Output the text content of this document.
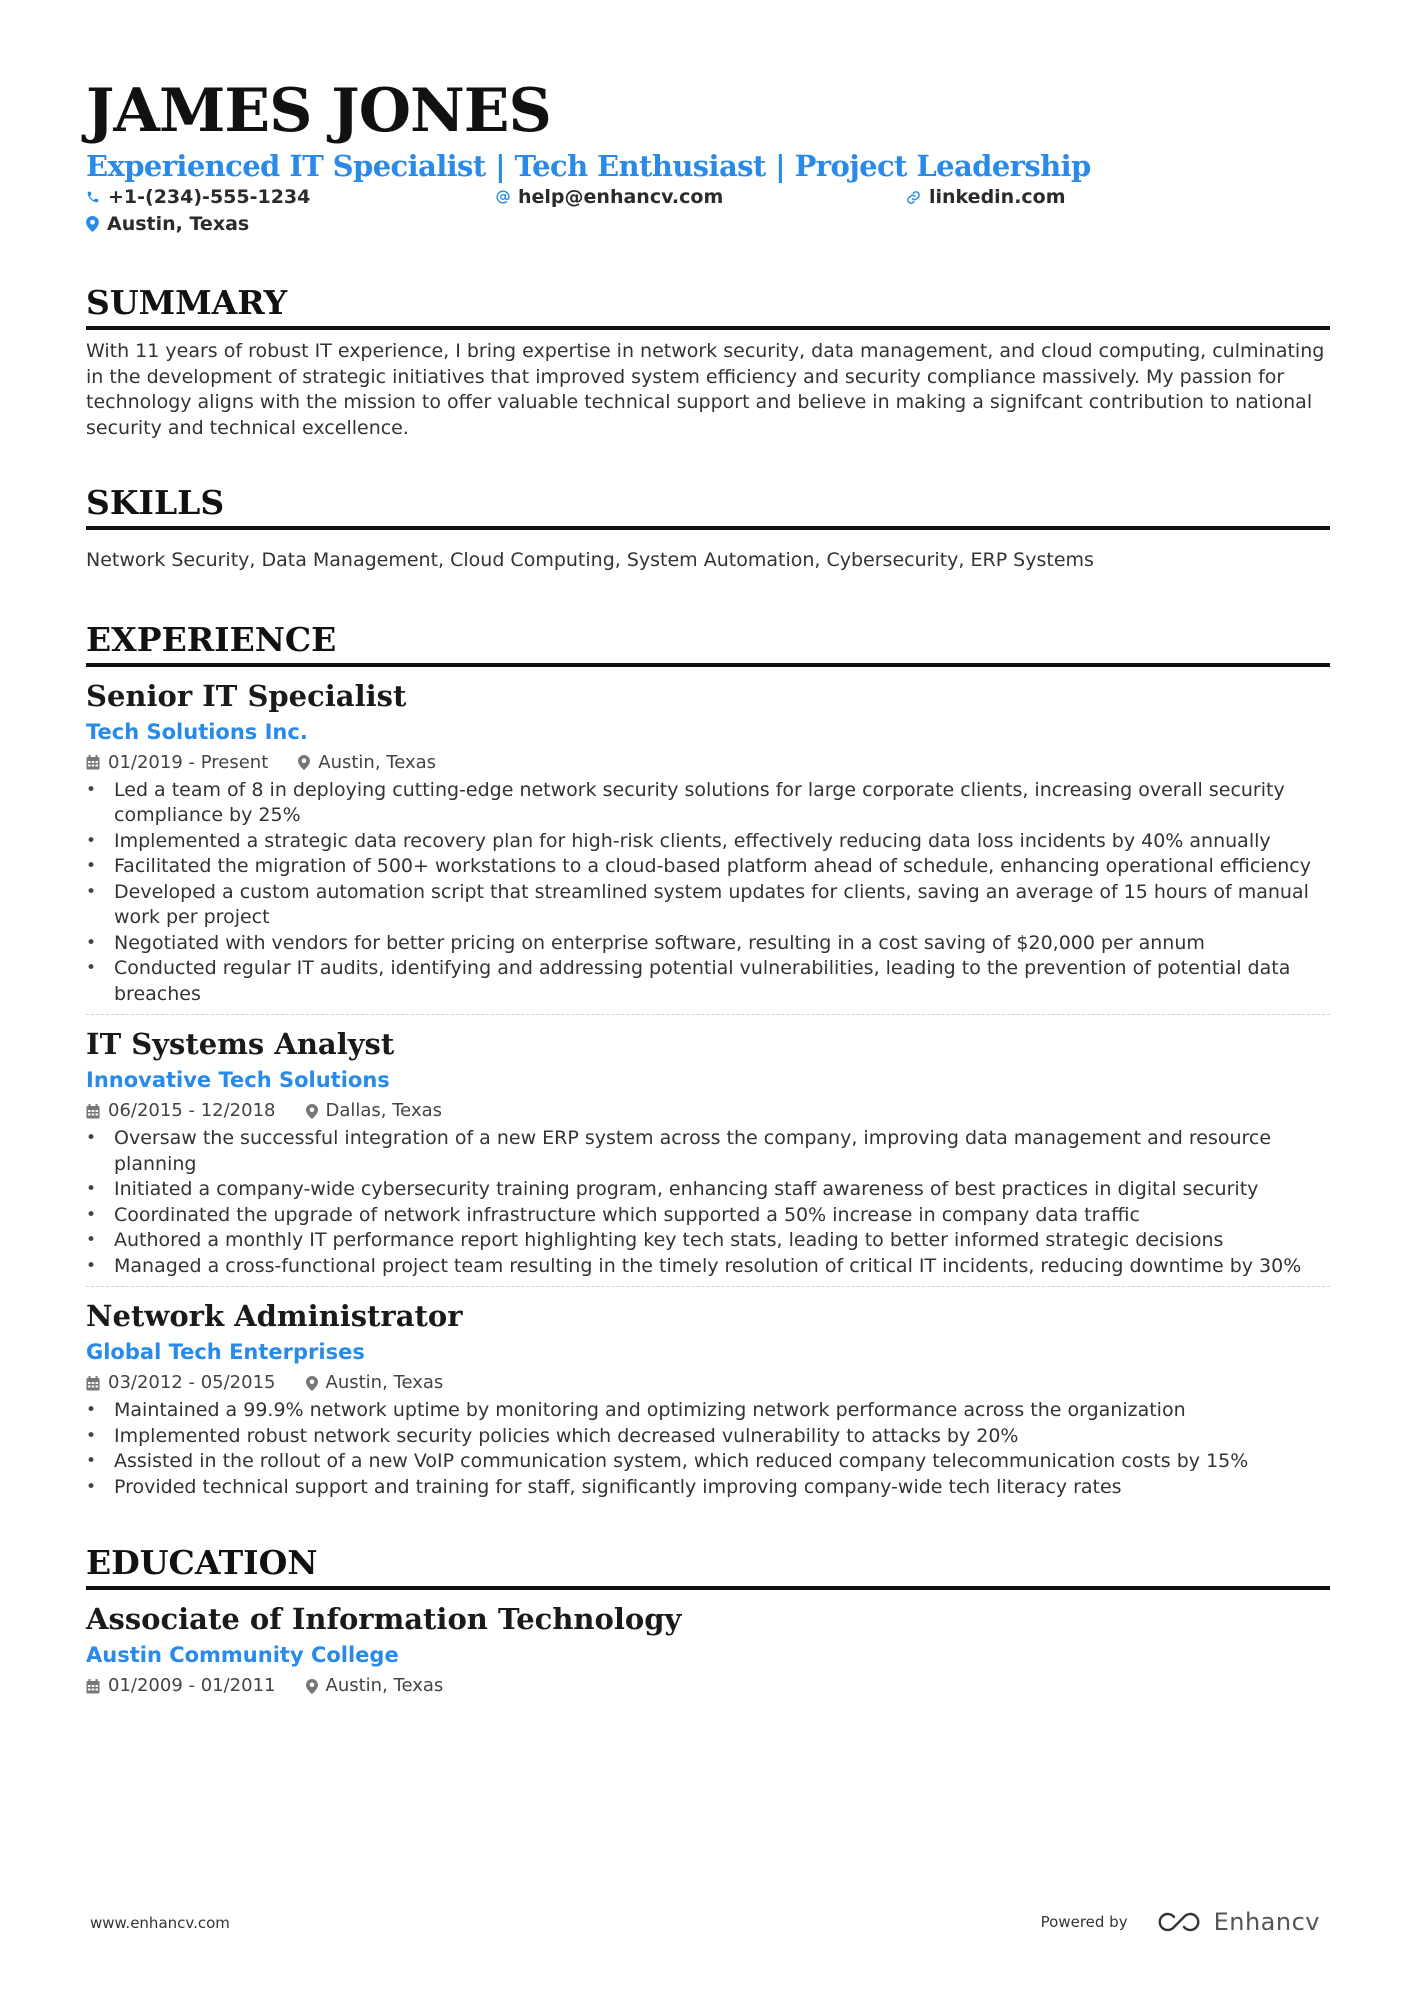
JAMES JONES
Experienced IT Specialist | Tech Enthusiast | Project Leadership
+1-(234)-555-1234	help@enhancv.com	linkedin.com
Austin, Texas
SUMMARY

With 11 years of robust IT experience, I bring expertise in network security, data management, and cloud computing, culminating in the development of strategic initiatives that improved system efficiency and security compliance massively. My passion for technology aligns with the mission to offer valuable technical support and believe in making a signifcant contribution to national security and technical excellence.

SKILLS

Network Security, Data Management, Cloud Computing, System Automation, Cybersecurity, ERP Systems

EXPERIENCE
Senior IT Specialist
Tech Solutions Inc.
01/2019 - Present	Austin, Texas
• Led a team of 8 in deploying cutting-edge network security solutions for large corporate clients, increasing overall security compliance by 25%
• Implemented a strategic data recovery plan for high-risk clients, effectively reducing data loss incidents by 40% annually
• Facilitated the migration of 500+ workstations to a cloud-based platform ahead of schedule, enhancing operational efficiency
• Developed a custom automation script that streamlined system updates for clients, saving an average of 15 hours of manual work per project
• Negotiated with vendors for better pricing on enterprise software, resulting in a cost saving of $20,000 per annum
• Conducted regular IT audits, identifying and addressing potential vulnerabilities, leading to the prevention of potential data breaches
IT Systems Analyst
Innovative Tech Solutions
06/2015 - 12/2018	Dallas, Texas
• Oversaw the successful integration of a new ERP system across the company, improving data management and resource planning
• Initiated a company-wide cybersecurity training program, enhancing staff awareness of best practices in digital security
• Coordinated the upgrade of network infrastructure which supported a 50% increase in company data traffic
• Authored a monthly IT performance report highlighting key tech stats, leading to better informed strategic decisions
• Managed a cross-functional project team resulting in the timely resolution of critical IT incidents, reducing downtime by 30%
Network Administrator
Global Tech Enterprises
03/2012 - 05/2015	Austin, Texas
• Maintained a 99.9% network uptime by monitoring and optimizing network performance across the organization
• Implemented robust network security policies which decreased vulnerability to attacks by 20%
• Assisted in the rollout of a new VoIP communication system, which reduced company telecommunication costs by 15%
• Provided technical support and training for staff, significantly improving company-wide tech literacy rates
EDUCATION
Associate of Information Technology
Austin Community College
01/2009 - 01/2011	Austin, Texas
www.enhancv.com	Powered by	Enhancv
